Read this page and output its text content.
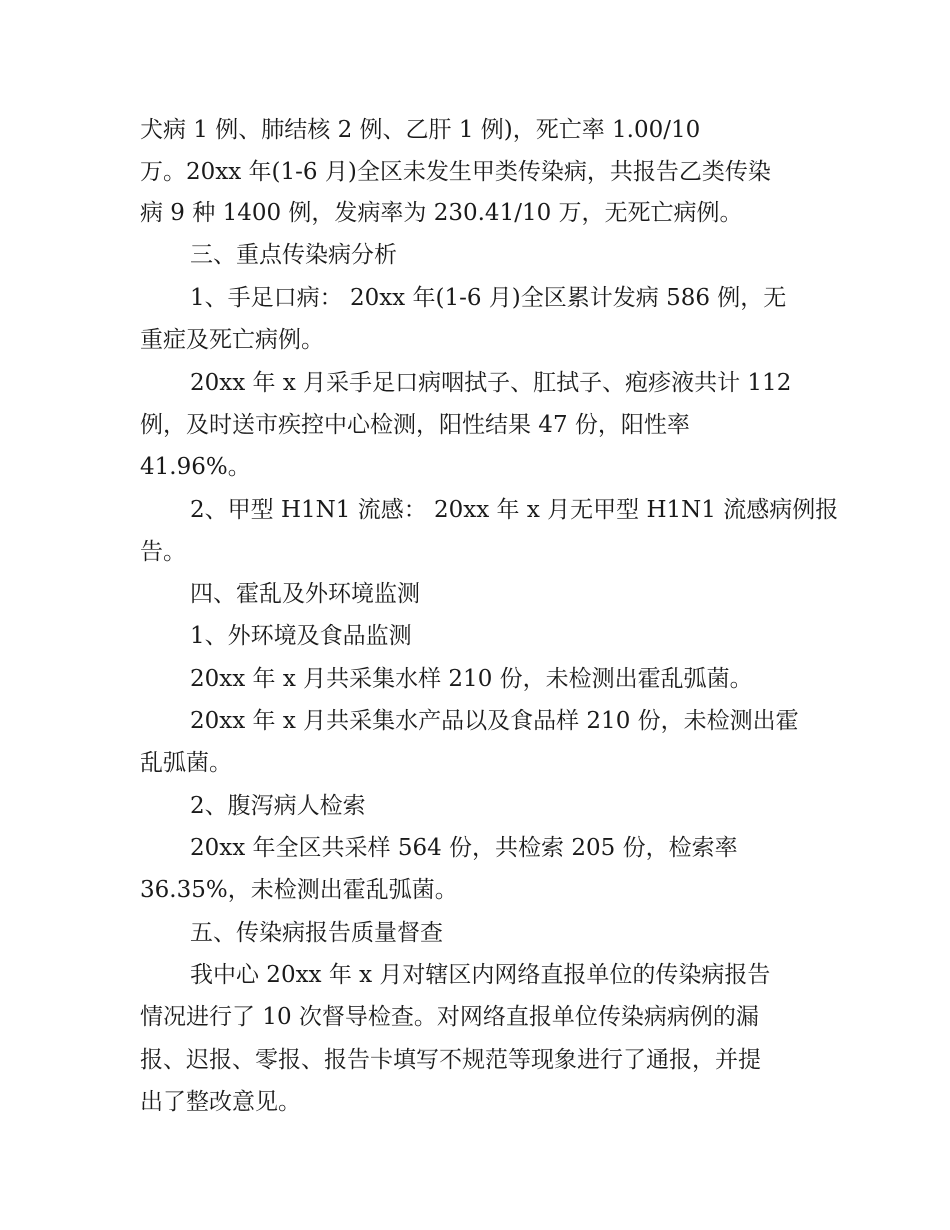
犬病 1 例、肺结核 2 例、乙肝 1 例)，死亡率 1.00/10
万。20xx 年(1-6 月)全区未发生甲类传染病，共报告乙类传染
病 9 种 1400 例，发病率为 230.41/10 万，无死亡病例。
三、重点传染病分析
1、手足口病： 20xx 年(1-6 月)全区累计发病 586 例，无
重症及死亡病例。
20xx 年 x 月采手足口病咽拭子、肛拭子、疱疹液共计 112
例，及时送市疾控中心检测，阳性结果 47 份，阳性率
41.96%。
2、甲型 H1N1 流感： 20xx 年 x 月无甲型 H1N1 流感病例报
告。
四、霍乱及外环境监测
1、外环境及食品监测
20xx 年 x 月共采集水样 210 份，未检测出霍乱弧菌。
20xx 年 x 月共采集水产品以及食品样 210 份，未检测出霍
乱弧菌。
2、腹泻病人检索
20xx 年全区共采样 564 份，共检索 205 份，检索率
36.35%，未检测出霍乱弧菌。
五、传染病报告质量督查
我中心 20xx 年 x 月对辖区内网络直报单位的传染病报告
情况进行了 10 次督导检查。对网络直报单位传染病病例的漏
报、迟报、零报、报告卡填写不规范等现象进行了通报，并提
出了整改意见。
